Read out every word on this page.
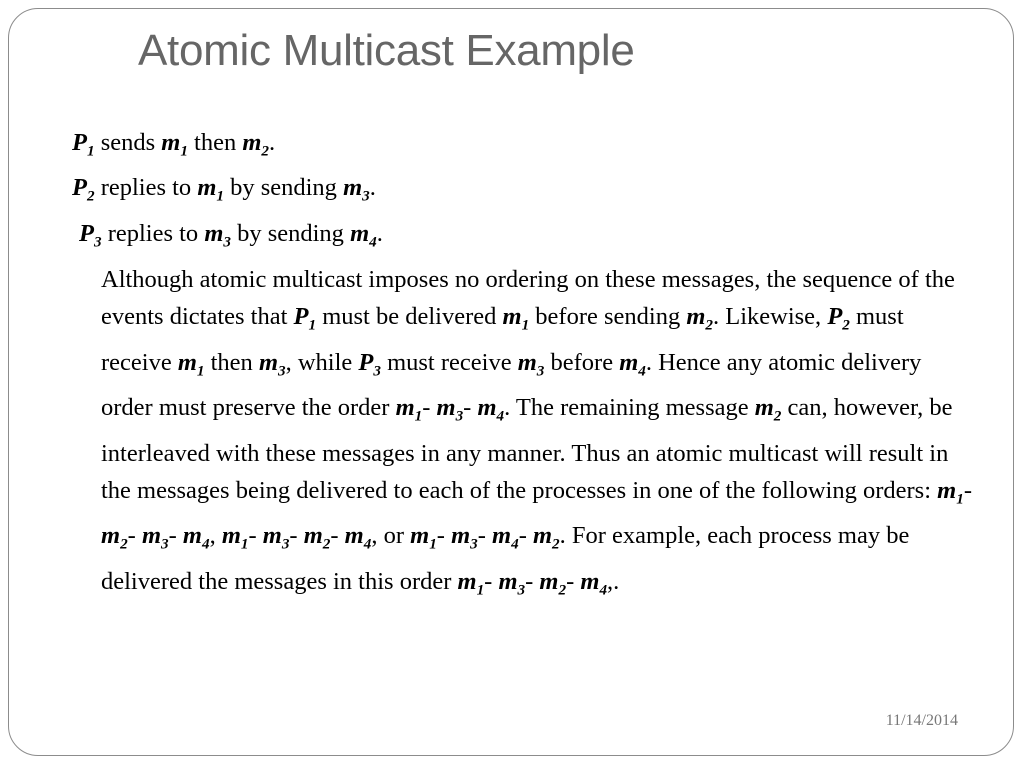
Atomic Multicast Example
$P_1$ sends $m_1$ then $m_2$.
$P_2$ replies to $m_1$ by sending $m_3$.
$P_3$ replies to $m_3$ by sending $m_4$.
Although atomic multicast imposes no ordering on these messages, the sequence of the events dictates that $P_1$ must be delivered $m_1$ before sending $m_2$. Likewise, $P_2$ must receive $m_1$ then $m_3$, while $P_3$ must receive $m_3$ before $m_4$. Hence any atomic delivery order must preserve the order $m_1-$ $m_3-$ $m_4$. The remaining message $m_2$ can, however, be interleaved with these messages in any manner. Thus an atomic multicast will result in the messages being delivered to each of the processes in one of the following orders: $m_1-$ $m_2-$ $m_3-$ $m_4$, $m_1-$ $m_3-$ $m_2-$ $m_4$, or $m_1-$ $m_3-$ $m_4-$ $m_2$. For example, each process may be delivered the messages in this order $m_1-$ $m_3-$ $m_2-$ $m_4$,.
11/14/2014
